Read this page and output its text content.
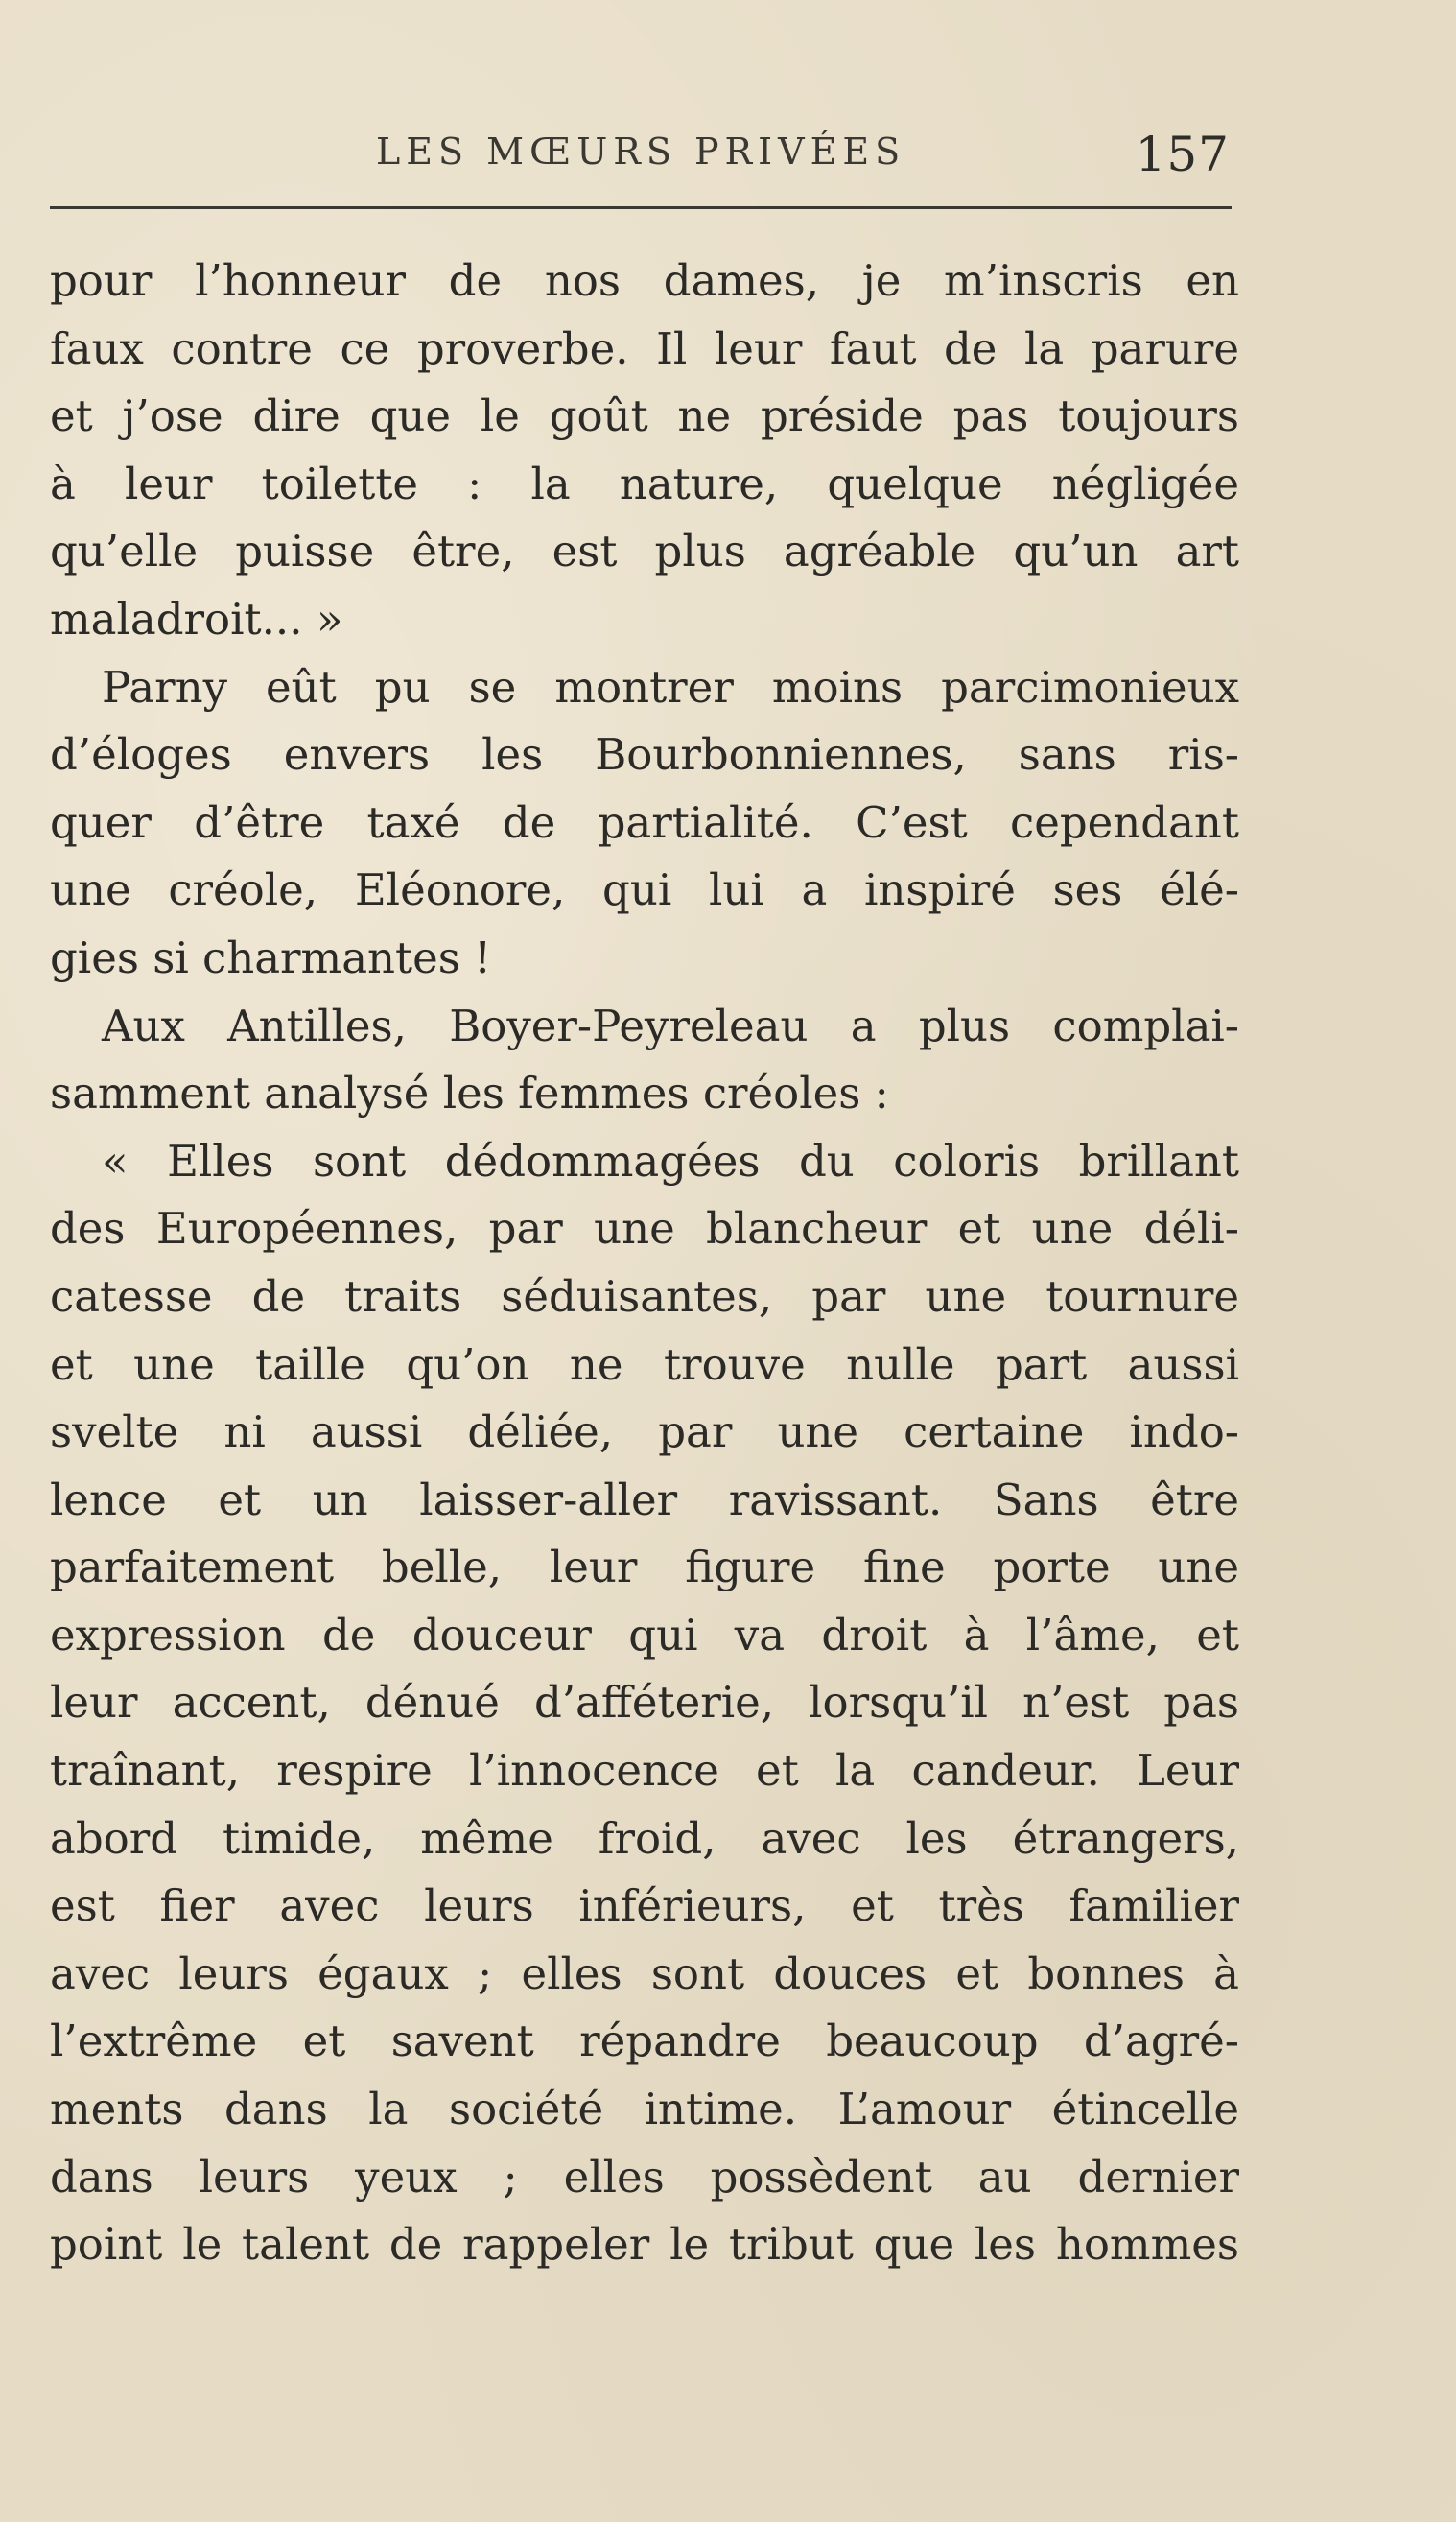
LES MŒURS PRIVÉES	157
pour l’honneur de nos dames, je m’inscris en
faux contre ce proverbe. Il leur faut de la parure
et j’ose dire que le goût ne préside pas toujours
à leur toilette : la nature, quelque négligée
qu’elle puisse être, est plus agréable qu’un art
maladroit... »
Parny eût pu se montrer moins parcimonieux
d’éloges envers les Bourbonniennes, sans ris-
quer d’être taxé de partialité. C’est cependant
une créole, Eléonore, qui lui a inspiré ses élé-
gies si charmantes !
Aux Antilles, Boyer-Peyreleau a plus complai-
samment analysé les femmes créoles :
« Elles sont dédommagées du coloris brillant
des Européennes, par une blancheur et une déli-
catesse de traits séduisantes, par une tournure
et une taille qu’on ne trouve nulle part aussi
svelte ni aussi déliée, par une certaine indo-
lence et un laisser-aller ravissant. Sans être
parfaitement belle, leur figure fine porte une
expression de douceur qui va droit à l’âme, et
leur accent, dénué d’afféterie, lorsqu’il n’est pas
traînant, respire l’innocence et la candeur. Leur
abord timide, même froid, avec les étrangers,
est fier avec leurs inférieurs, et très familier
avec leurs égaux ; elles sont douces et bonnes à
l’extrême et savent répandre beaucoup d’agré-
ments dans la société intime. L’amour étincelle
dans leurs yeux ; elles possèdent au dernier
point le talent de rappeler le tribut que les hommes
